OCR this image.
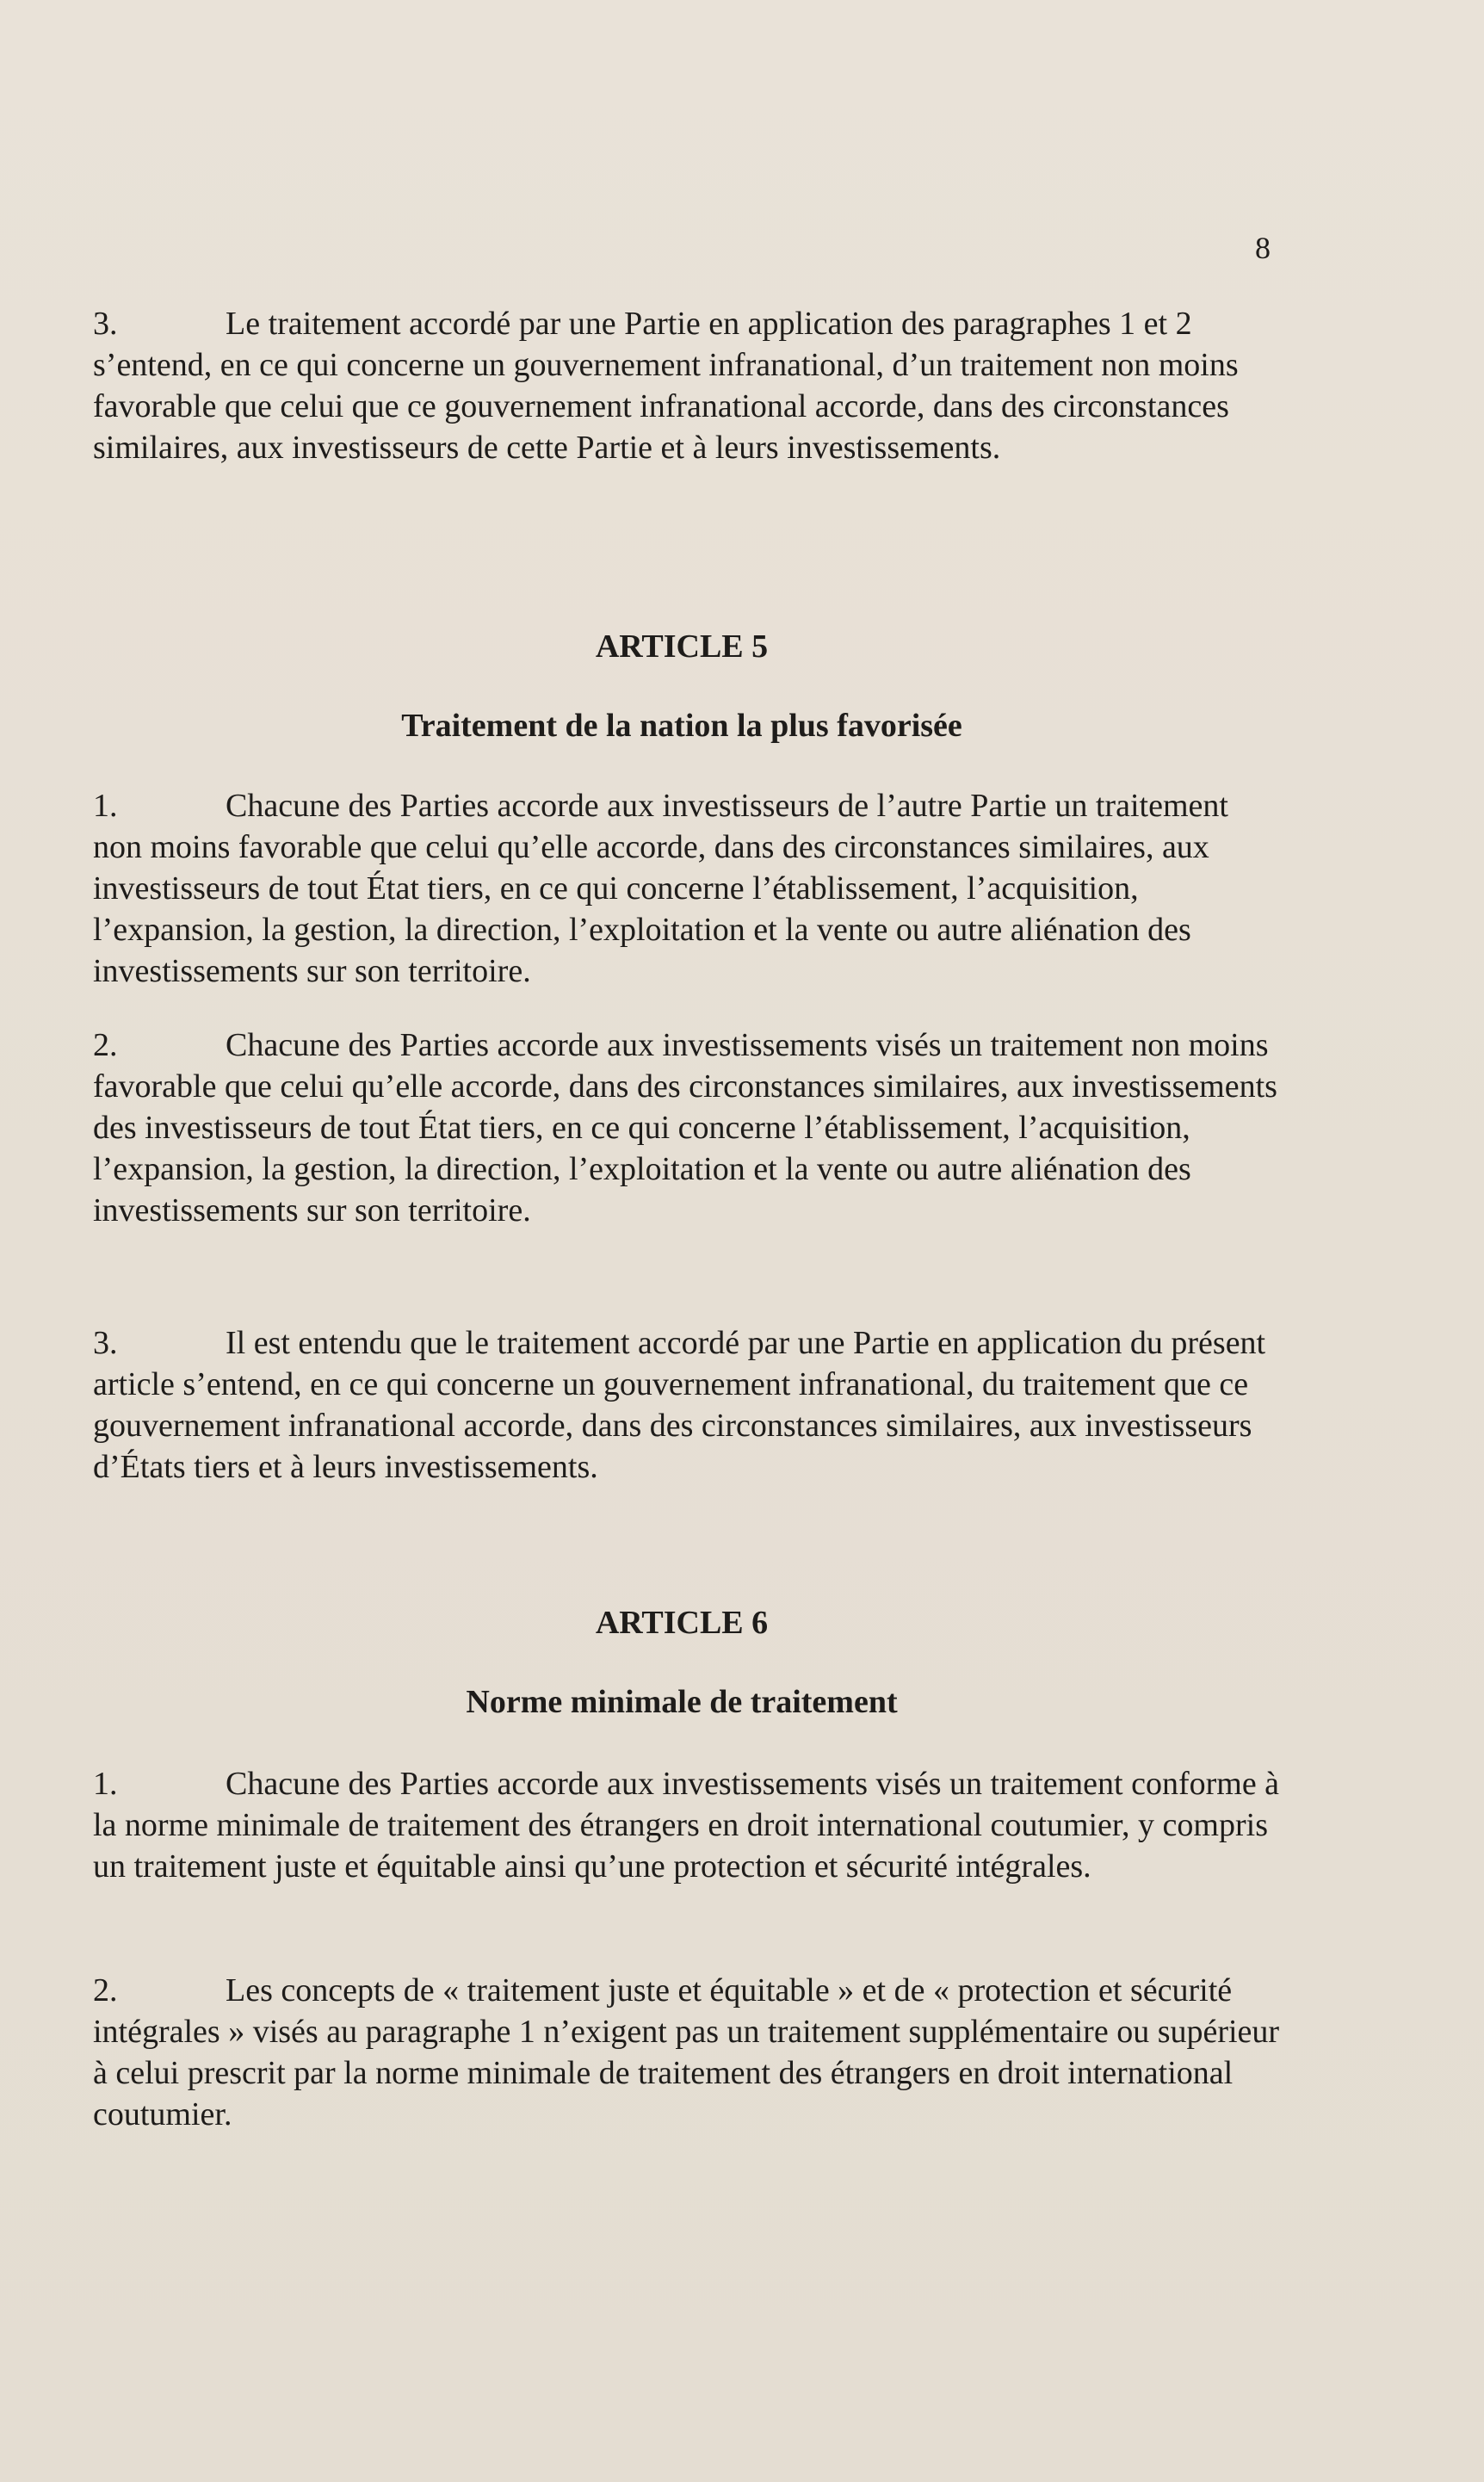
8

3.	Le traitement accordé par une Partie en application des paragraphes 1 et 2 s’entend, en ce qui concerne un gouvernement infranational, d’un traitement non moins favorable que celui que ce gouvernement infranational accorde, dans des circonstances similaires, aux investisseurs de cette Partie et à leurs investissements.

ARTICLE 5
Traitement de la nation la plus favorisée

1.	Chacune des Parties accorde aux investisseurs de l’autre Partie un traitement non moins favorable que celui qu’elle accorde, dans des circonstances similaires, aux investisseurs de tout État tiers, en ce qui concerne l’établissement, l’acquisition, l’expansion, la gestion, la direction, l’exploitation et la vente ou autre aliénation des investissements sur son territoire.

2.	Chacune des Parties accorde aux investissements visés un traitement non moins favorable que celui qu’elle accorde, dans des circonstances similaires, aux investissements des investisseurs de tout État tiers, en ce qui concerne l’établissement, l’acquisition, l’expansion, la gestion, la direction, l’exploitation et la vente ou autre aliénation des investissements sur son territoire.

3.	Il est entendu que le traitement accordé par une Partie en application du présent article s’entend, en ce qui concerne un gouvernement infranational, du traitement que ce gouvernement infranational accorde, dans des circonstances similaires, aux investisseurs d’États tiers et à leurs investissements.

ARTICLE 6
Norme minimale de traitement

1.	Chacune des Parties accorde aux investissements visés un traitement conforme à la norme minimale de traitement des étrangers en droit international coutumier, y compris un traitement juste et équitable ainsi qu’une protection et sécurité intégrales.

2.	Les concepts de « traitement juste et équitable » et de « protection et sécurité intégrales » visés au paragraphe 1 n’exigent pas un traitement supplémentaire ou supérieur à celui prescrit par la norme minimale de traitement des étrangers en droit international coutumier.
